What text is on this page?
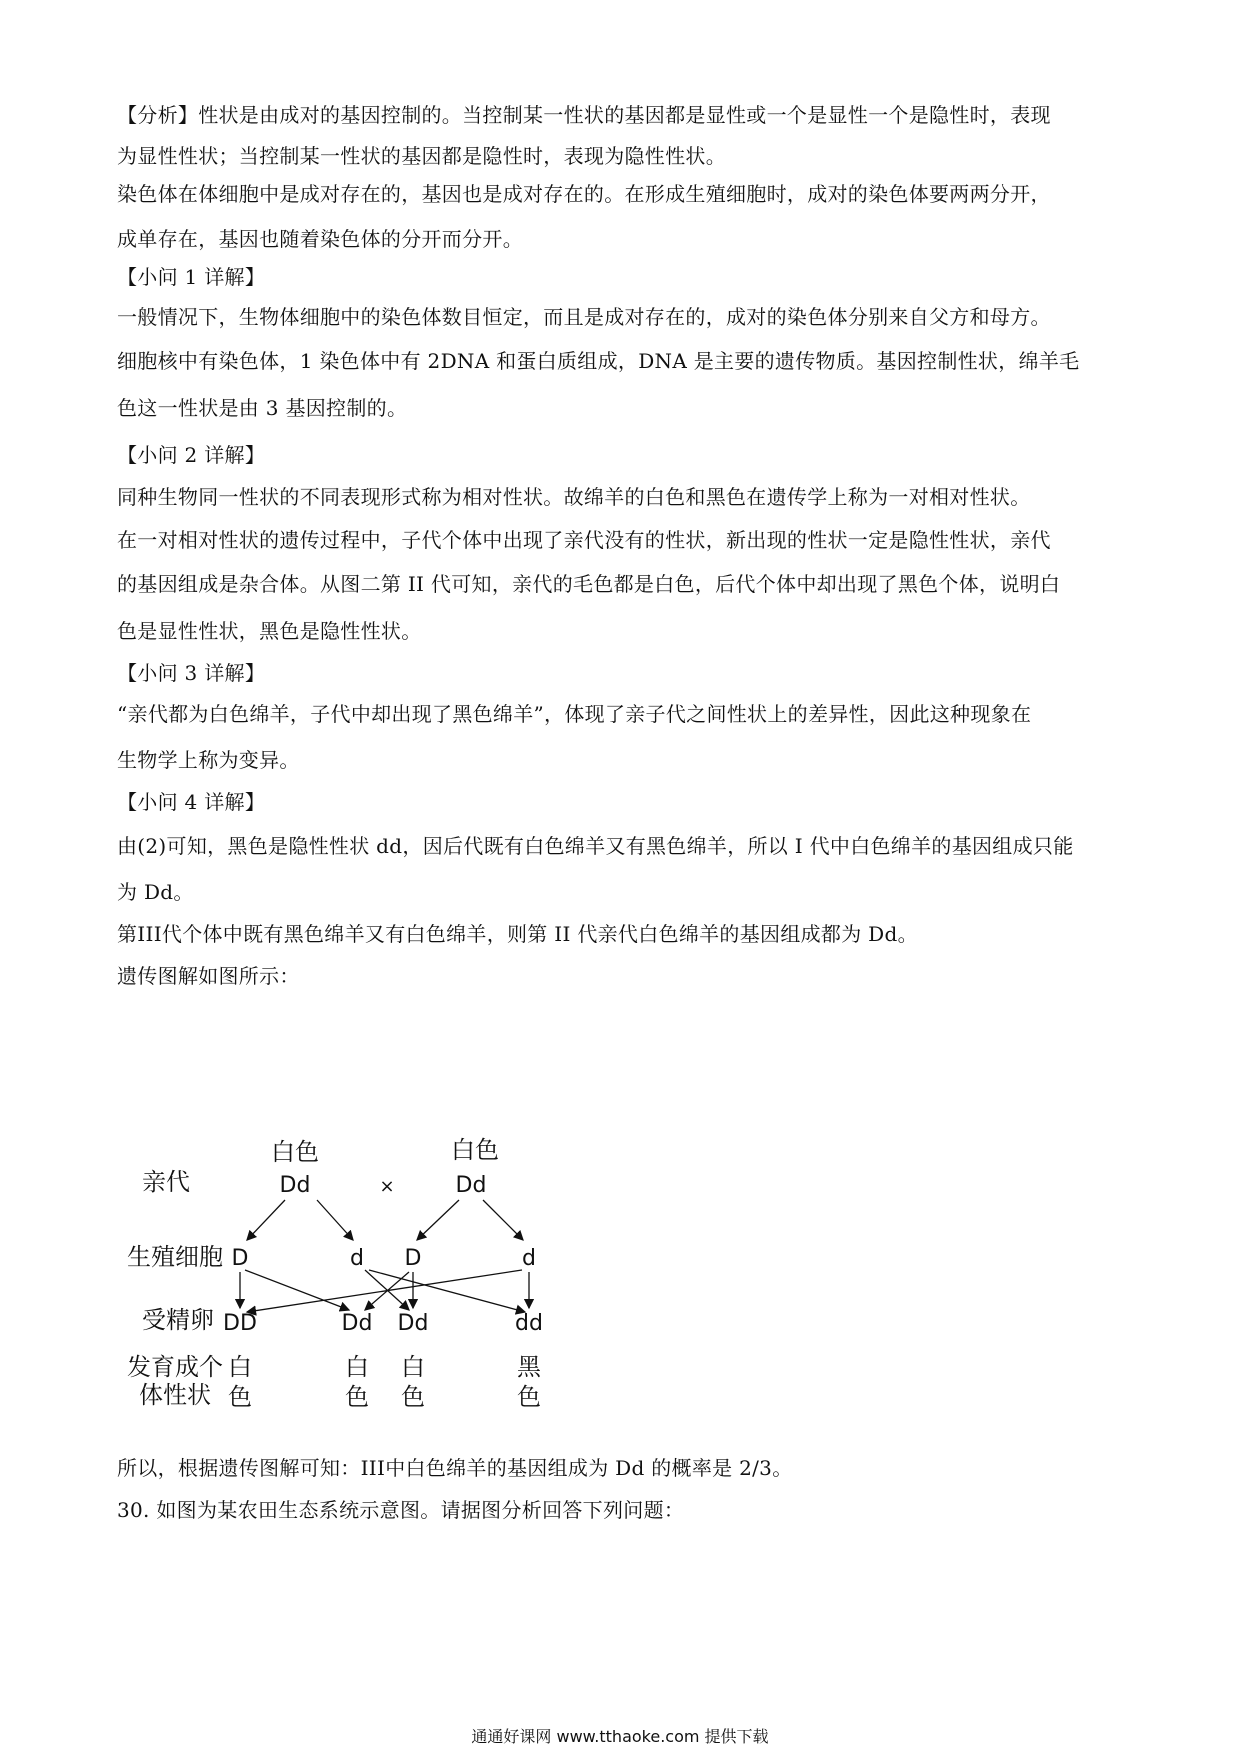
【分析】性状是由成对的基因控制的。当控制某一性状的基因都是显性或一个是显性一个是隐性时，表现
为显性性状；当控制某一性状的基因都是隐性时，表现为隐性性状。
染色体在体细胞中是成对存在的，基因也是成对存在的。在形成生殖细胞时，成对的染色体要两两分开，
成单存在，基因也随着染色体的分开而分开。
【小问 1 详解】
一般情况下，生物体细胞中的染色体数目恒定，而且是成对存在的，成对的染色体分别来自父方和母方。
细胞核中有染色体，1 染色体中有 2DNA 和蛋白质组成，DNA 是主要的遗传物质。基因控制性状，绵羊毛
色这一性状是由 3 基因控制的。
【小问 2 详解】
同种生物同一性状的不同表现形式称为相对性状。故绵羊的白色和黑色在遗传学上称为一对相对性状。
在一对相对性状的遗传过程中，子代个体中出现了亲代没有的性状，新出现的性状一定是隐性性状，亲代
的基因组成是杂合体。从图二第 II 代可知，亲代的毛色都是白色，后代个体中却出现了黑色个体，说明白
色是显性性状，黑色是隐性性状。
【小问 3 详解】
“亲代都为白色绵羊，子代中却出现了黑色绵羊”，体现了亲子代之间性状上的差异性，因此这种现象在
生物学上称为变异。
【小问 4 详解】
由(2)可知，黑色是隐性性状 dd，因后代既有白色绵羊又有黑色绵羊，所以 I 代中白色绵羊的基因组成只能
为 Dd。
第III代个体中既有黑色绵羊又有白色绵羊，则第 II 代亲代白色绵羊的基因组成都为 Dd。
遗传图解如图所示：
亲代
生殖细胞
受精卵
发育成个
体性状
白色
Dd	×
白色
Dd
D	d D	d
DD	Dd Dd	dd
白
色
白
色
白
色
黑
色
所以，根据遗传图解可知：III中白色绵羊的基因组成为 Dd 的概率是 2/3。
30. 如图为某农田生态系统示意图。请据图分析回答下列问题：
通通好课网 www.tthaoke.com 提供下载
